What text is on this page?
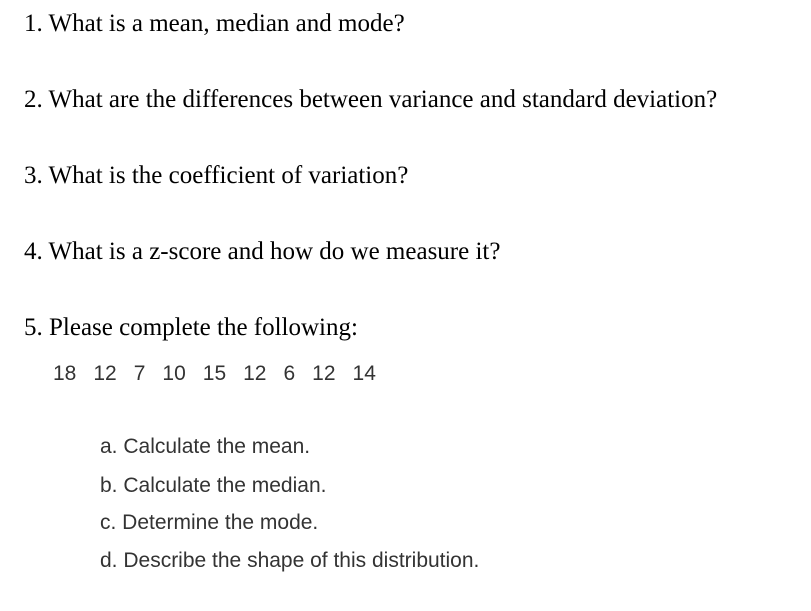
1. What is a mean, median and mode?

2. What are the differences between variance and standard deviation?

3. What is the coefficient of variation?

4. What is a z-score and how do we measure it?

5. Please complete the following:

18 12 7 10 15 12 6 12 14

a. Calculate the mean.

b. Calculate the median.

c. Determine the mode.

d. Describe the shape of this distribution.
